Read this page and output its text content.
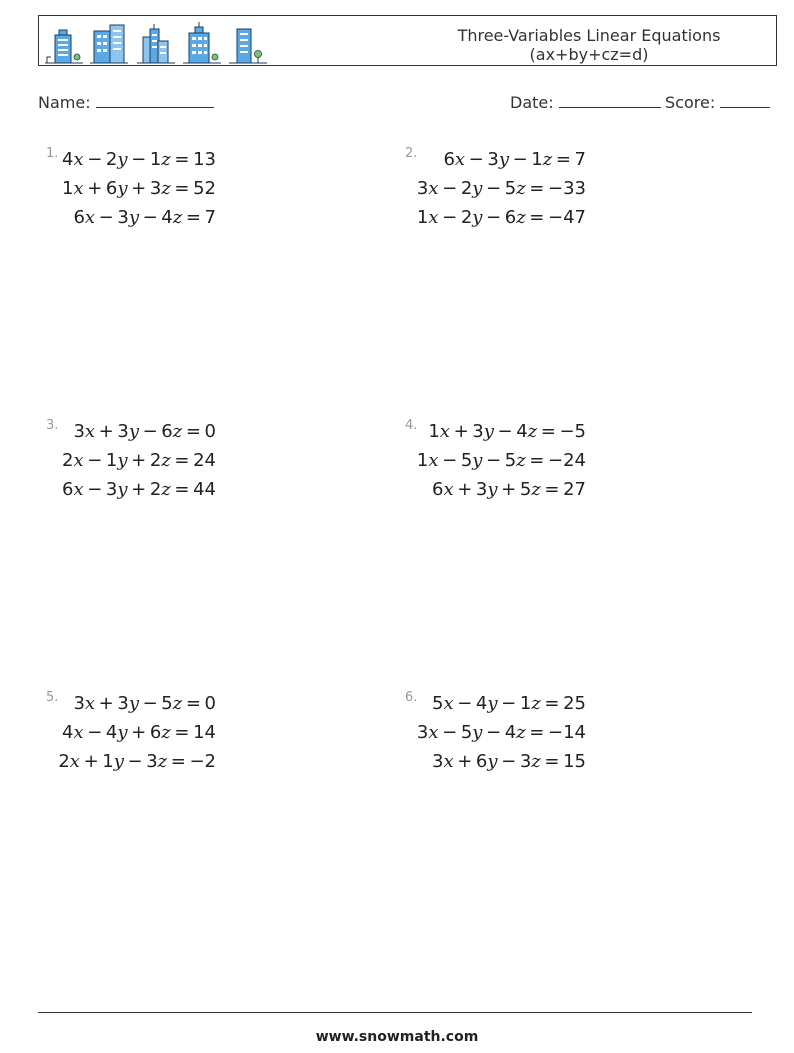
Three-Variables Linear Equations
(ax+by+cz=d)
Name:	Date:	Score:
1. 4x  −  2y  −  1z  =  13
1x  +  6y  +  3z  =  52
6x  −  3y  −  4z  =  7
2. 6x  −  3y  −  1z  =  7
3x  −  2y  −  5z  =  −33
1x  −  2y  −  6z  =  −47
3. 3x  +  3y  −  6z  =  0
2x  −  1y  +  2z  =  24
6x  −  3y  +  2z  =  44
4. 1x  +  3y  −  4z  =  −5
1x  −  5y  −  5z  =  −24
6x  +  3y  +  5z  =  27
5. 3x  +  3y  −  5z  =  0
4x  −  4y  +  6z  =  14
2x  +  1y  −  3z  =  −2
6. 5x  −  4y  −  1z  =  25
3x  −  5y  −  4z  =  −14
3x  +  6y  −  3z  =  15
www.snowmath.com
